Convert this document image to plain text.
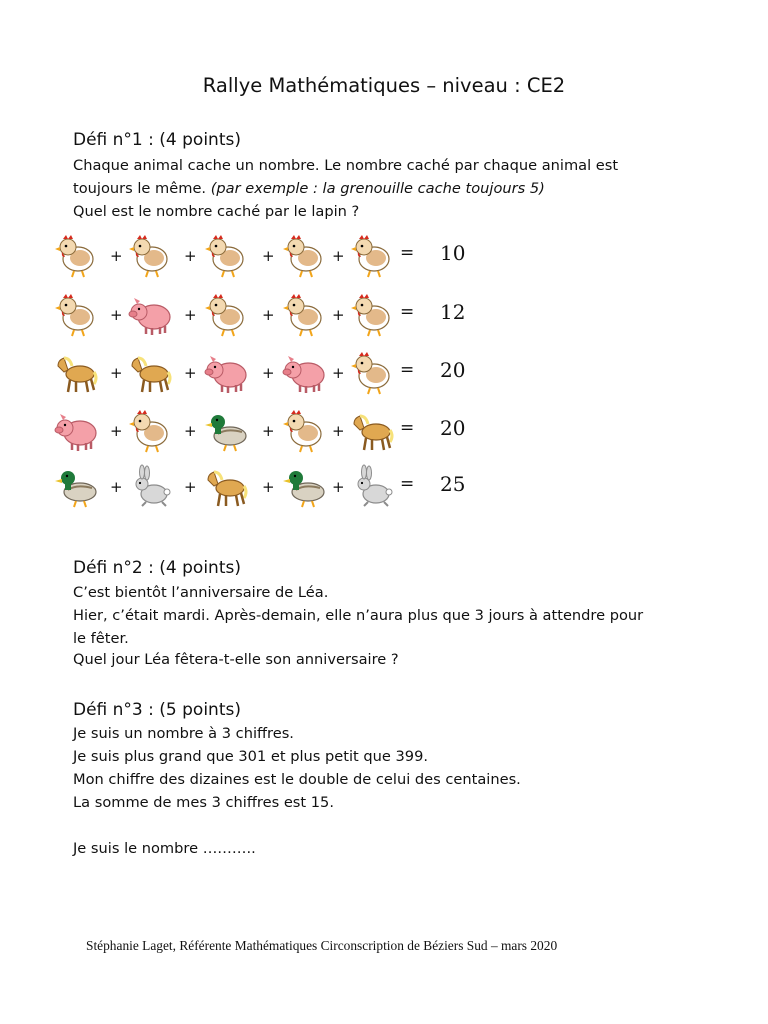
Rallye Mathématiques – niveau : CE2
Défi n°1 : (4 points)
Chaque animal cache un nombre. Le nombre caché par chaque animal est
toujours le même. (par exemple : la grenouille cache toujours 5)
Quel est le nombre caché par le lapin ?
+	+	+	+	= 10
+	+	+	+	= 12
+	+	+	+	= 20
+	+	+	+	= 20
+	+	+	+	= 25
Défi n°2 : (4 points)
C’est bientôt l’anniversaire de Léa.
Hier, c’était mardi. Après-demain, elle n’aura plus que 3 jours à attendre pour
le fêter.
Quel jour Léa fêtera-t-elle son anniversaire ?
Défi n°3 : (5 points)
Je suis un nombre à 3 chiffres.
Je suis plus grand que 301 et plus petit que 399.
Mon chiffre des dizaines est le double de celui des centaines.
La somme de mes 3 chiffres est 15.
Je suis le nombre ………..
Stéphanie Laget, Référente Mathématiques Circonscription de Béziers Sud – mars 2020
